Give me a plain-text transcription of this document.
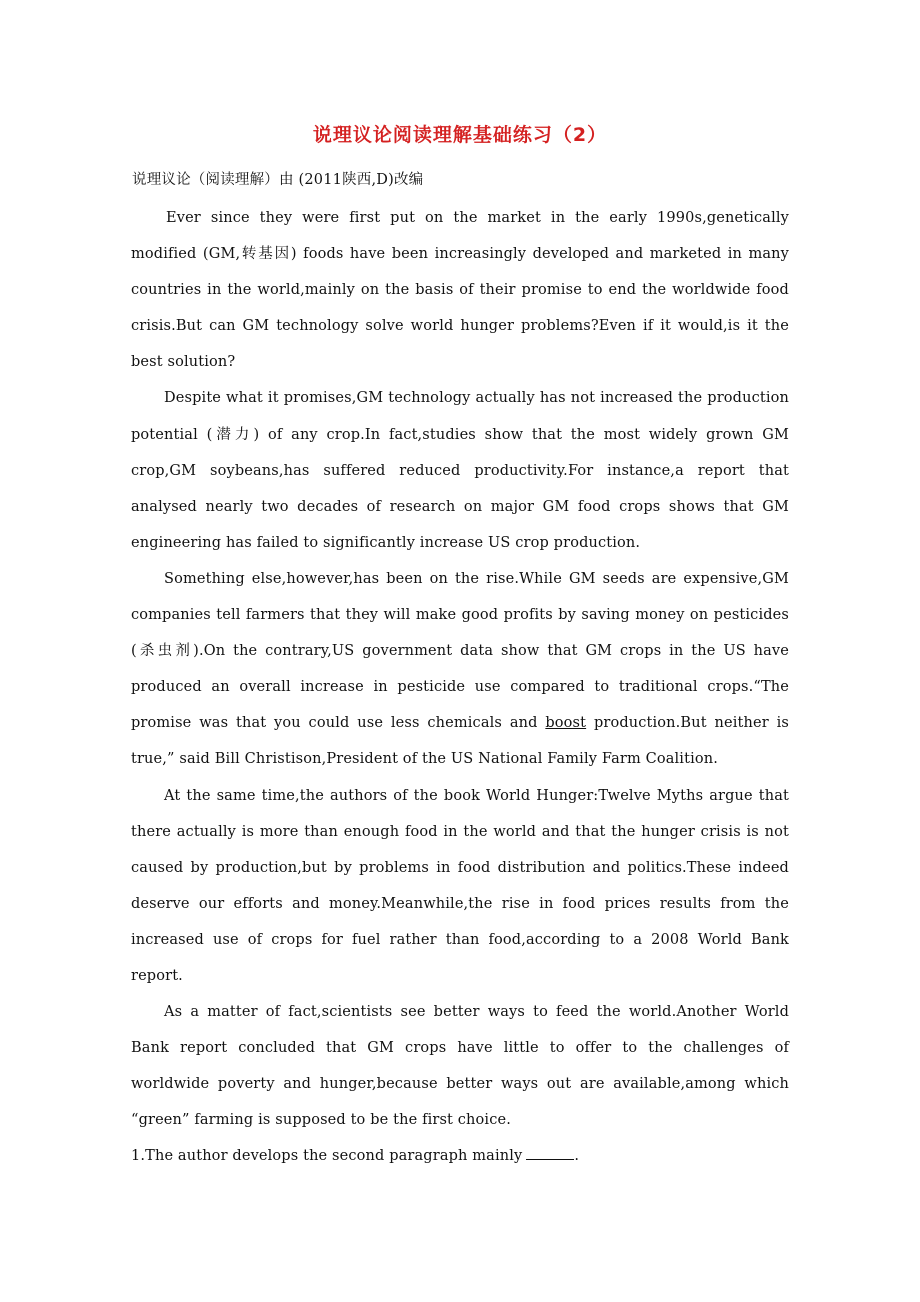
说理议论阅读理解基础练习（2）
说理议论（阅读理解）由 (2011陕西,D)改编

Ever since they were first put on the market in the early 1990s,genetically modified (GM,转基因) foods have been increasingly developed and marketed in many countries in the world,mainly on the basis of their promise to end the worldwide food crisis.But can GM technology solve world hunger problems?Even if it would,is it the best solution?

Despite what it promises,GM technology actually has not increased the production potential (潜力) of any crop.In fact,studies show that the most widely grown GM crop,GM soybeans,has suffered reduced productivity.For instance,a report that analysed nearly two decades of research on major GM food crops shows that GM engineering has failed to significantly increase US crop production.

Something else,however,has been on the rise.While GM seeds are expensive,GM companies tell farmers that they will make good profits by saving money on pesticides (杀虫剂).On the contrary,US government data show that GM crops in the US have produced an overall increase in pesticide use compared to traditional crops.“The promise was that you could use less chemicals and boost production.But neither is true,” said Bill Christison,President of the US National Family Farm Coalition.

At the same time,the authors of the book World Hunger:Twelve Myths argue that there actually is more than enough food in the world and that the hunger crisis is not caused by production,but by problems in food distribution and politics.These indeed deserve our efforts and money.Meanwhile,the rise in food prices results from the increased use of crops for fuel rather than food,according to a 2008 World Bank report.

As a matter of fact,scientists see better ways to feed the world.Another World Bank report concluded that GM crops have little to offer to the challenges of worldwide poverty and hunger,because better ways out are available,among which “green” farming is supposed to be the first choice.

1.The author develops the second paragraph mainly	.
